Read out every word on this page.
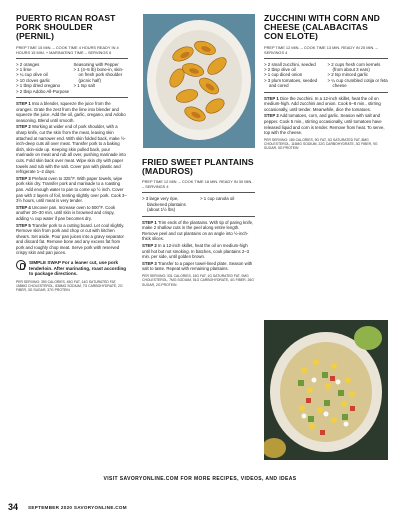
PUERTO RICAN ROAST PORK SHOULDER (PERNIL)
PREP TIME 15 MIN. – COOK TIME 4 HOURS READY IN 4 HOURS 15 MIN. + MARINATING TIME – SERVINGS 6
> 2 oranges
> 1 lime
> ¼ cup olive oil
> 10 cloves garlic
> 1 tbsp dried oregano
> 2 tbsp Adobo All-Purpose
Seasoning with Pepper
> 1 (4–5 lb) bone-in, skin-on fresh pork shoulder (picnic half)
> 1 tsp salt

STEP 1 Into a blender, squeeze the juice from the oranges. Grate the zest from the lime into blender and squeeze the juice. Add the oil, garlic, oregano, and Adobo seasoning. Blend until smooth.

STEP 2 Working at wider end of pork shoulder, with a sharp knife, cut the skin from the meat, leaving skin attached at narrower end. With skin folded back, make ½-inch-deep cuts all over meat. Transfer pork to a baking dish, skin-side up. Keeping skin pulled back, pour marinade on meat and rub all over, pushing marinade into cuts. Fold skin back over meat. Wipe skin dry with paper towels and rub with the salt. Cover pan with plastic and refrigerate 1–2 days.

STEP 3 Preheat oven to 325°F. With paper towels, wipe pork skin dry. Transfer pork and marinade to a roasting pan. Add enough water to pan to come up ½ inch. Cover pan with 2 layers of foil, tenting slightly over pork. Cook 3–3½ hours, until meat is very tender.

STEP 4 Uncover pan. Increase oven to 500°F. Cook another 20–30 min, until skin is browned and crispy, adding ¼ cup water if pan becomes dry.

STEP 5 Transfer pork to a cutting board. Let cool slightly. Remove skin from pork and chop or cut with kitchen shears. Set aside. Pour pan juices into a gravy separator and discard fat. Remove bone and any excess fat from pork and roughly chop meat. Serve pork with reserved crispy skin and pan juices.

SIMPLE SWAP For a leaner cut, use pork tenderloin. After marinating, roast according to package directions.
PER SERVING: 390 CALORIES, 45G FAT, 14G SATURATED FAT, 158MG CHOLESTEROL, 838MG SODIUM, 7G CARBOHYDRATE, 2G FIBER, 3G SUGAR, 37G PROTEIN
FRIED SWEET PLANTAINS (MADUROS)
PREP TIME 12 MIN. – COOK TIME 18 MIN. READY IN 30 MIN. – SERVINGS 4
> 3 large very ripe, blackened plantains (about 1½ lbs)
> 1 cup canola oil

STEP 1 Trim ends of the plantains. With tip of paring knife, make 2 shallow cuts in the peel along entire length. Remove peel and cut plantains on an angle into ½-inch-thick slices.

STEP 2 In a 12-inch skillet, heat the oil on medium-high until hot but not smoking. In batches, cook plantains 2–3 min. per side, until golden brown.

STEP 3 Transfer to a paper towel-lined plate. Season with salt to taste. Repeat with remaining plantains.

PER SERVING: 331 CALORIES, 15G FAT, 1G SATURATED FAT, 0MG CHOLESTEROL, 7MG SODIUM, 51G CARBOHYDRATE, 4G FIBER, 26G SUGAR, 2G PROTEIN
ZUCCHINI WITH CORN AND CHEESE (CALABACITAS CON ELOTE)
PREP TIME 12 MIN. – COOK TIME 13 MIN. READY IN 25 MIN. – SERVINGS 4
> 2 small zucchini, seeded
> 2 tbsp olive oil
> 1 cup diced onion
> 3 plum tomatoes, seeded and cored
> 2 cups fresh corn kernels (from about 3 ears)
> 2 tsp minced garlic
> ¼ cup crumbled cotija or feta cheese

STEP 1 Dice the zucchini. In a 12-inch skillet, heat the oil on medium-high. Add zucchini and onion. Cook 6–8 min., stirring occasionally, until tender. Meanwhile, dice the tomatoes.

STEP 2 Add tomatoes, corn, and garlic. Season with salt and pepper. Cook 5 min., stirring occasionally, until tomatoes have released liquid and corn is tender. Remove from heat. To serve, top with the cheese.

PER SERVING: 180 CALORIES, 9G FAT, 3G SATURATED FAT, 8MG CHOLESTEROL, 116MG SODIUM, 22G CARBOHYDRATE, 3G FIBER, 9G SUGAR, 5G PROTEIN
VISIT SAVORYONLINE.COM FOR MORE RECIPES, VIDEOS, AND IDEAS
34 SEPTEMBER 2020 SAVORYONLINE.COM
